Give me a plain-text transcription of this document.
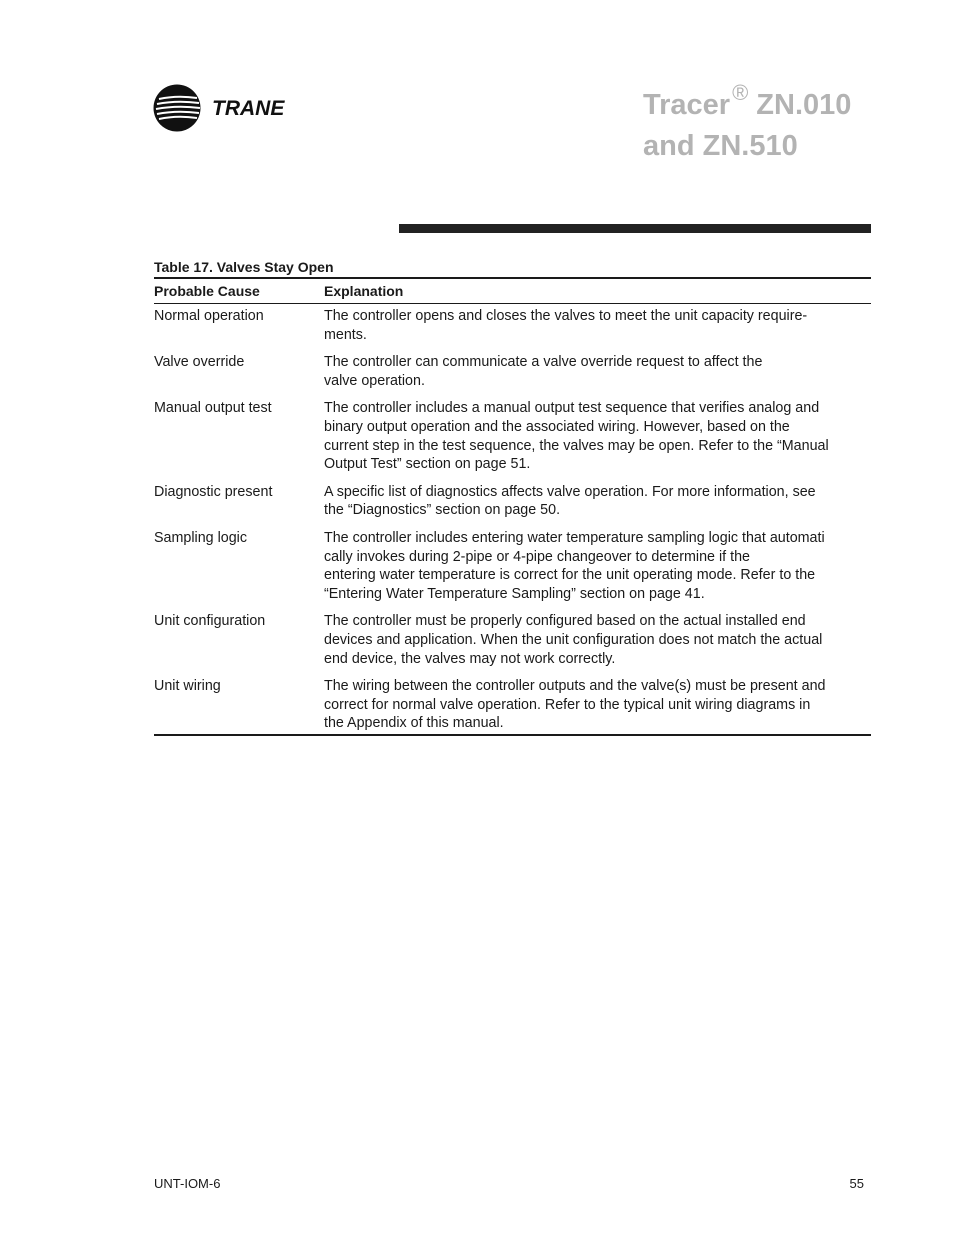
TRANE	Tracer® ZN.010
and ZN.510
Table 17. Valves Stay Open
Probable Cause	Explanation
Normal operation	The controller opens and closes the valves to meet the unit capacity require-
ments.
Valve override	The controller can communicate a valve override request to affect the
valve operation.
Manual output test	The controller includes a manual output test sequence that verifies analog and
binary output operation and the associated wiring. However, based on the
current step in the test sequence, the valves may be open. Refer to the “Manual
Output Test” section on page 51.
Diagnostic present	A specific list of diagnostics affects valve operation. For more information, see
the “Diagnostics” section on page 50.
Sampling logic	The controller includes entering water temperature sampling logic that automati
cally invokes during 2-pipe or 4-pipe changeover to determine if the
entering water temperature is correct for the unit operating mode. Refer to the
“Entering Water Temperature Sampling” section on page 41.
Unit configuration	The controller must be properly configured based on the actual installed end
devices and application. When the unit configuration does not match the actual
end device, the valves may not work correctly.
Unit wiring	The wiring between the controller outputs and the valve(s) must be present and
correct for normal valve operation. Refer to the typical unit wiring diagrams in
the Appendix of this manual.
UNT-IOM-6	55
